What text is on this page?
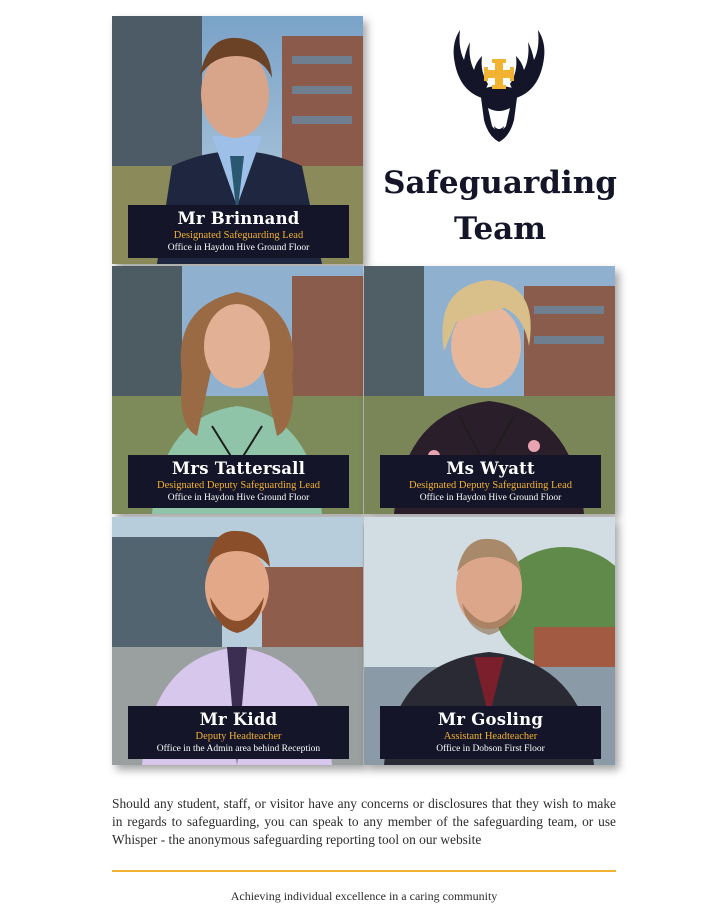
Mr Brinnand
Designated Safeguarding Lead
Office in Haydon Hive Ground Floor
Safeguarding
Team
Mrs Tattersall
Designated Deputy Safeguarding Lead
Office in Haydon Hive Ground Floor
Ms Wyatt
Designated Deputy Safeguarding Lead
Office in Haydon Hive Ground Floor
Mr Kidd
Deputy Headteacher
Office in the Admin area behind Reception
Mr Gosling
Assistant Headteacher
Office in Dobson First Floor
Should any student, staff, or visitor have any concerns or disclosures that they wish to make in regards to safeguarding, you can speak to any member of the safeguarding team, or use Whisper - the anonymous safeguarding reporting tool on our website
Achieving individual excellence in a caring community
